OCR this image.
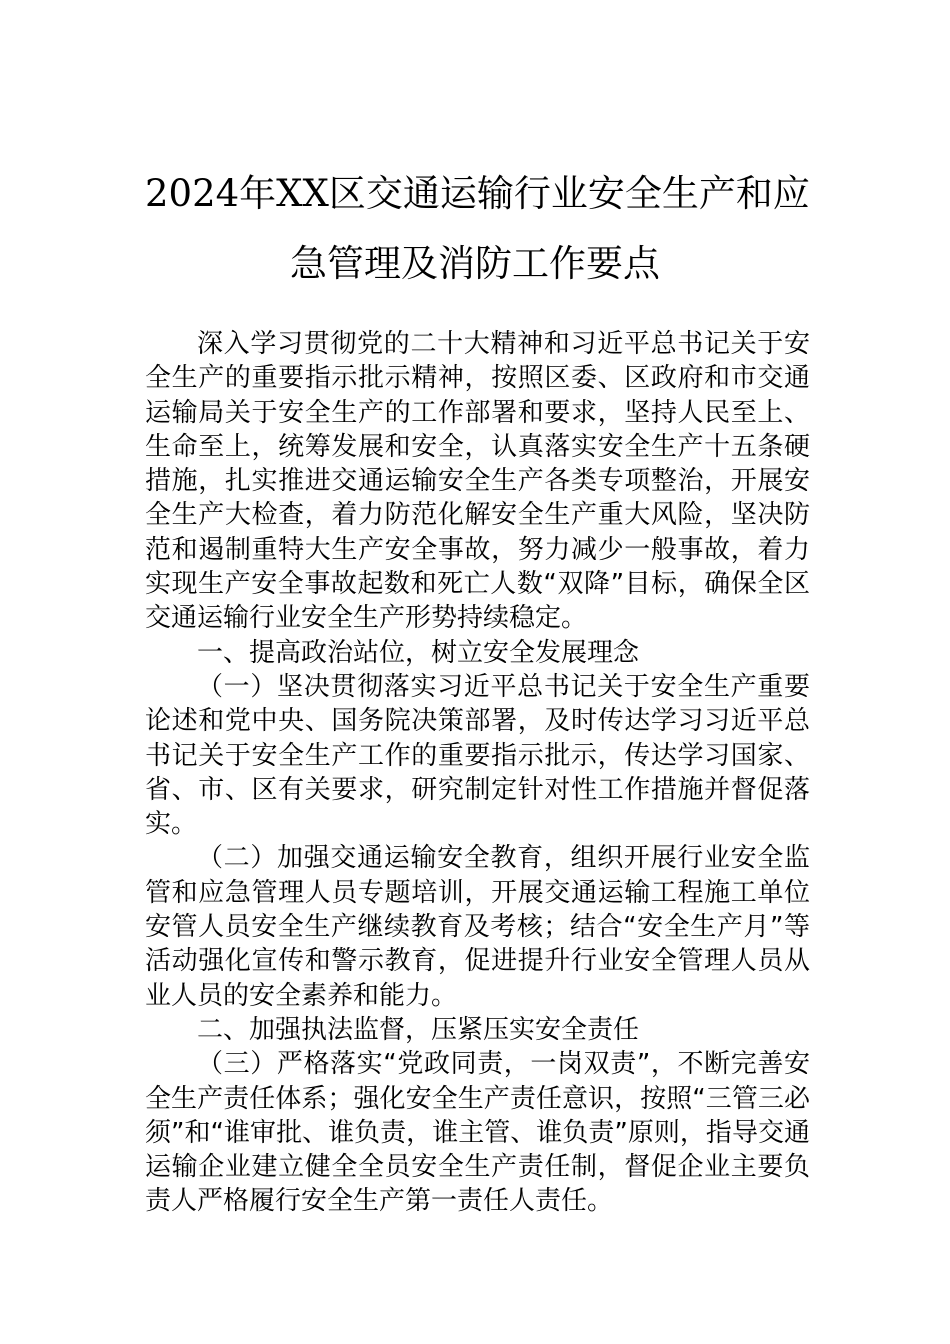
2024年XX区交通运输行业安全生产和应
急管理及消防工作要点

深入学习贯彻党的二十大精神和习近平总书记关于安全生产的重要指示批示精神，按照区委、区政府和市交通运输局关于安全生产的工作部署和要求，坚持人民至上、生命至上，统筹发展和安全，认真落实安全生产十五条硬措施，扎实推进交通运输安全生产各类专项整治，开展安全生产大检查，着力防范化解安全生产重大风险，坚决防范和遏制重特大生产安全事故，努力减少一般事故，着力实现生产安全事故起数和死亡人数“双降”目标，确保全区交通运输行业安全生产形势持续稳定。

一、提高政治站位，树立安全发展理念

（一）坚决贯彻落实习近平总书记关于安全生产重要论述和党中央、国务院决策部署，及时传达学习习近平总书记关于安全生产工作的重要指示批示，传达学习国家、省、市、区有关要求，研究制定针对性工作措施并督促落实。

（二）加强交通运输安全教育，组织开展行业安全监管和应急管理人员专题培训，开展交通运输工程施工单位安管人员安全生产继续教育及考核；结合“安全生产月”等活动强化宣传和警示教育，促进提升行业安全管理人员从业人员的安全素养和能力。

二、加强执法监督，压紧压实安全责任

（三）严格落实“党政同责，一岗双责”，不断完善安全生产责任体系；强化安全生产责任意识，按照“三管三必须”和“谁审批、谁负责，谁主管、谁负责”原则，指导交通运输企业建立健全全员安全生产责任制，督促企业主要负责人严格履行安全生产第一责任人责任。
